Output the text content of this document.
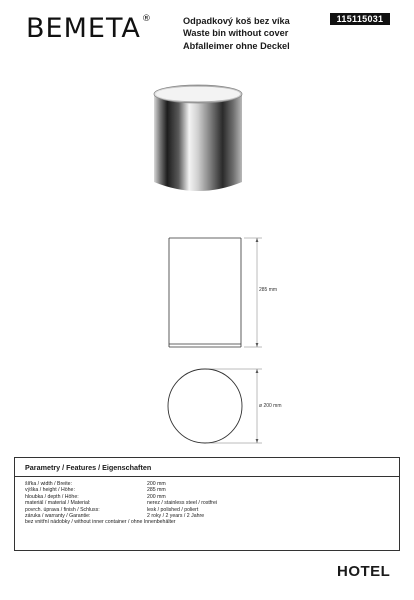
BEMETA ®	Odpadkový koš bez víka
Waste bin without cover
Abfalleimer ohne Deckel
115115031
285 mm
ø 200 mm
Parametry / Features / Eigenschaften
šířka / width / Breite:	200 mm
výška / height / Höhe:	285 mm
hloubka / depth / Höhe:	200 mm
materiál / material / Material:	nerez / stainless steel / rostfrei
povrch. úprava / finish / Schluss:	lesk / polished / poliert
záruka / warranty / Garantie:	2 roky / 2 years / 2 Jahre
bez vnitřní nádobky / without inner container / ohne Innenbehälter
HOTEL
